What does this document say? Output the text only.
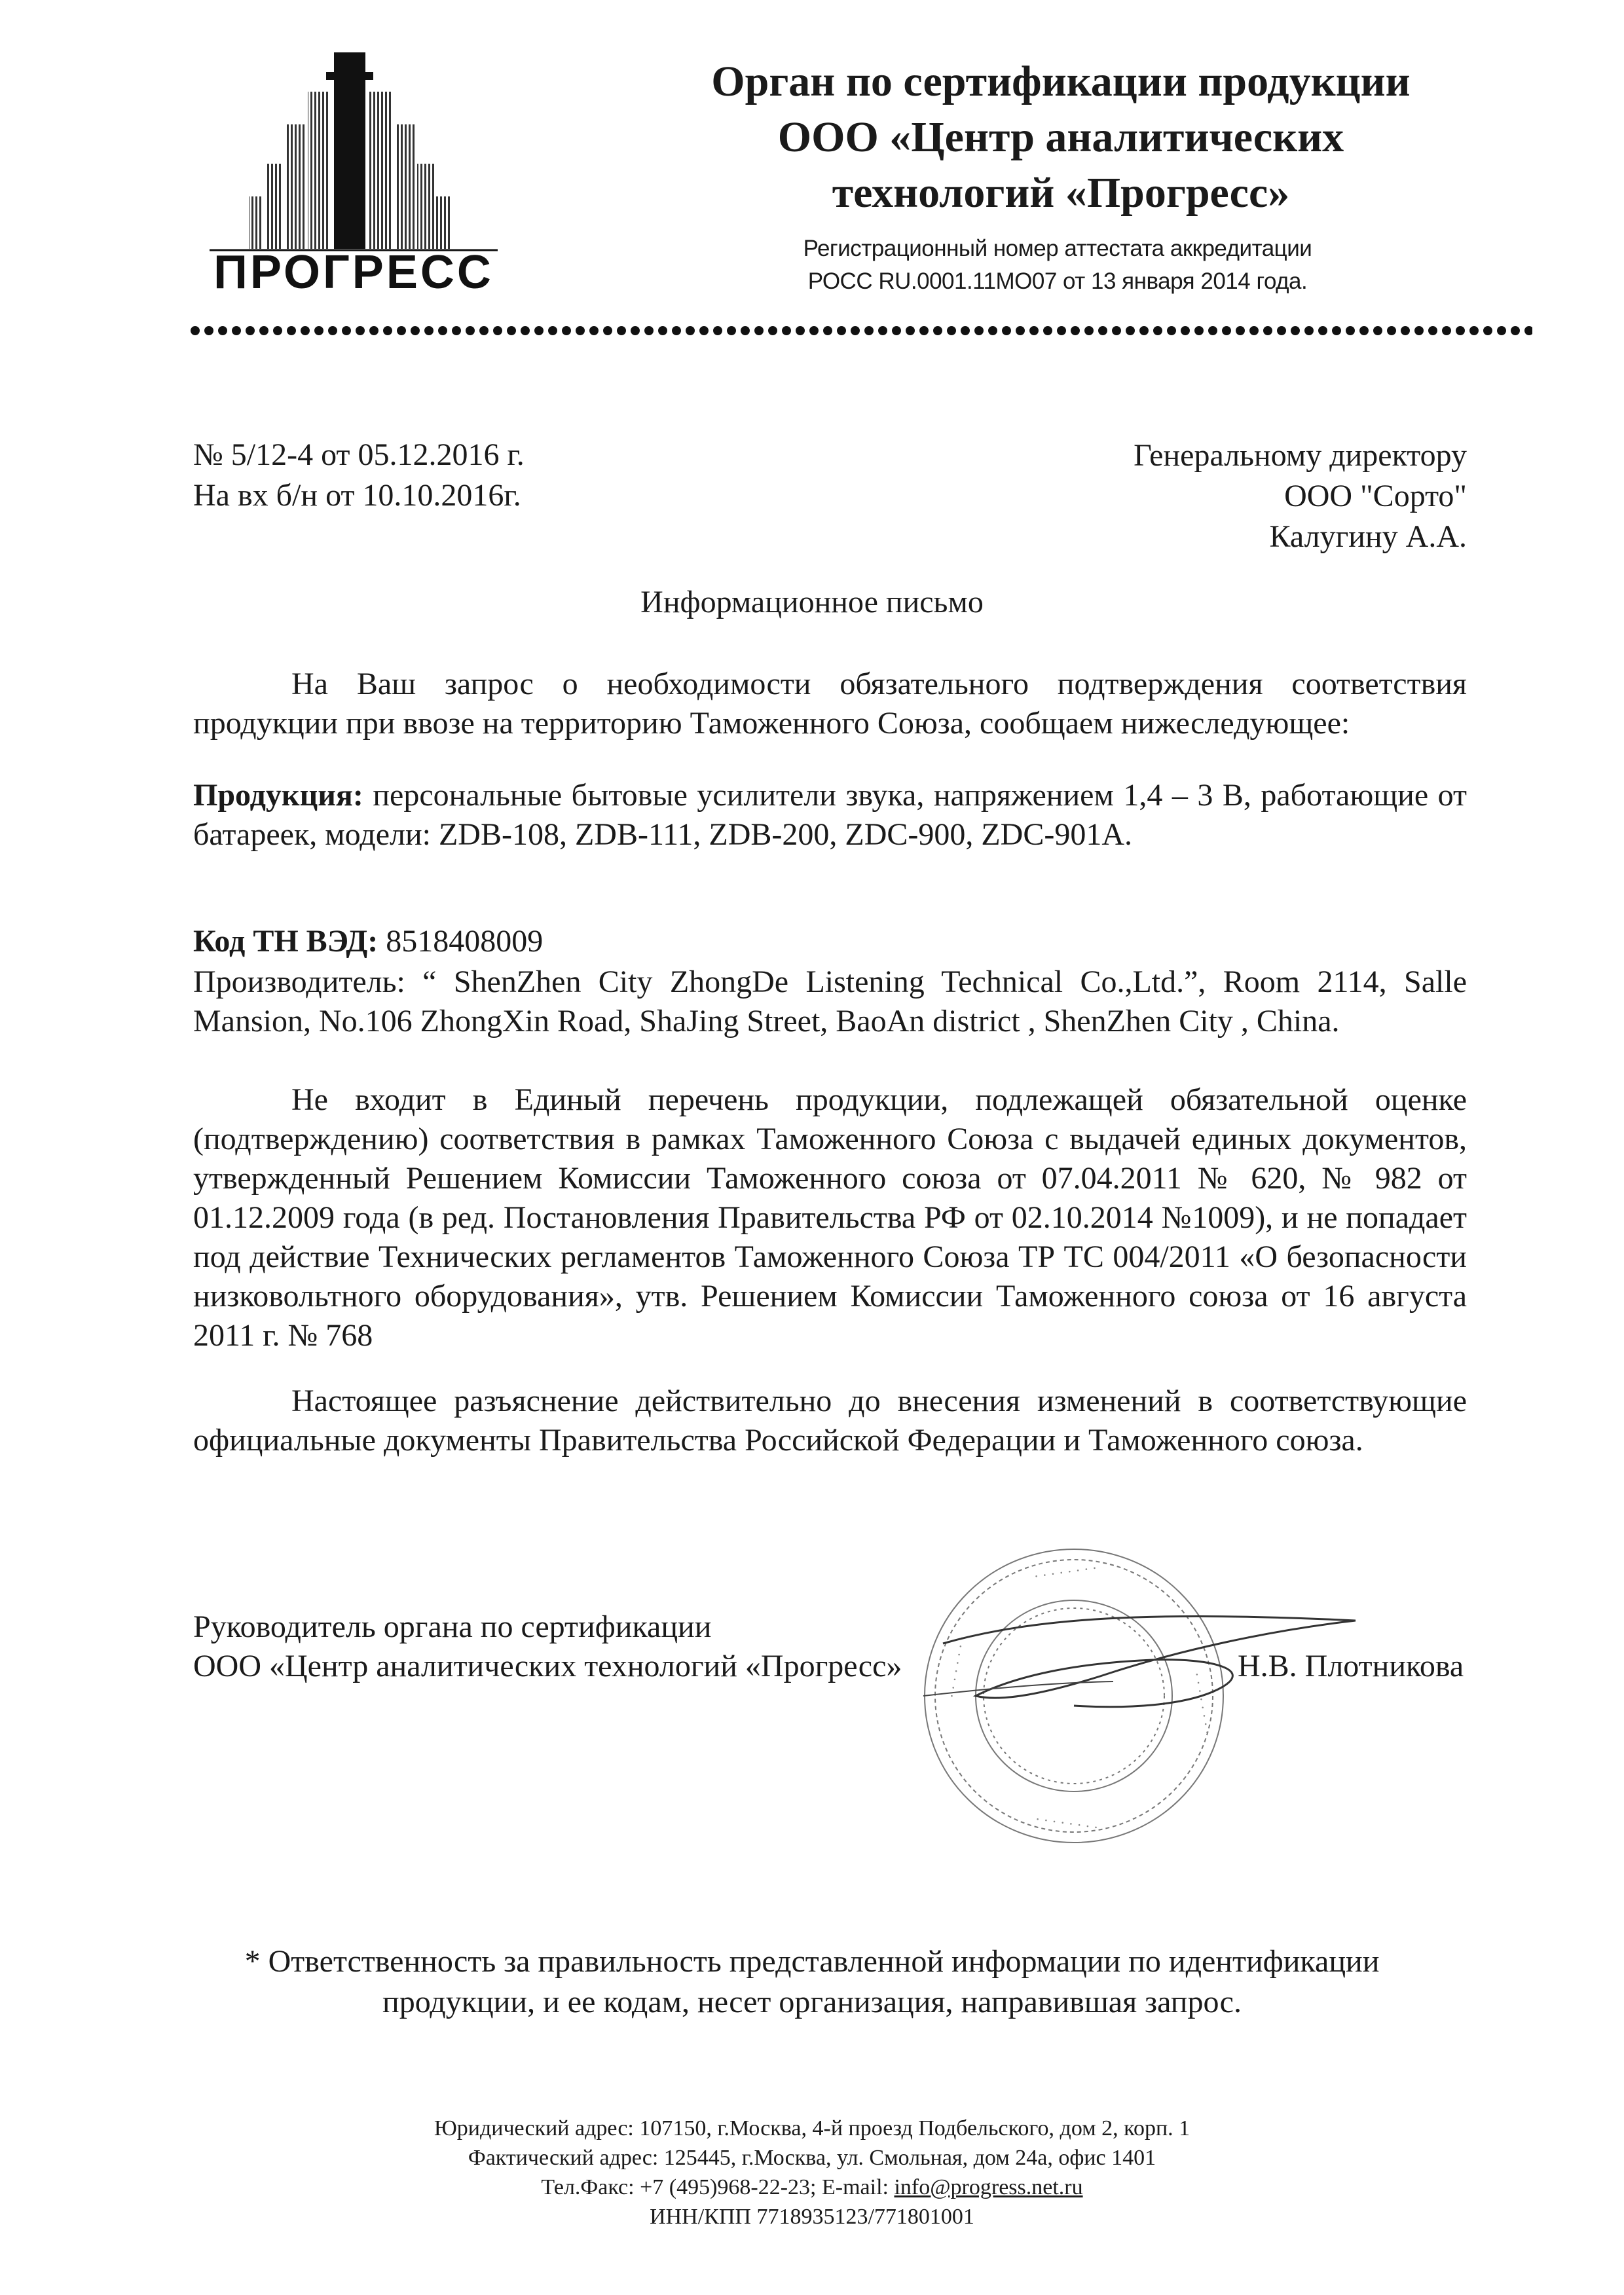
ПРОГРЕСС
Орган по сертификации продукции
ООО «Центр аналитических
технологий «Прогресс»
Регистрационный номер аттестата аккредитации
РОСС RU.0001.11МО07 от 13 января 2014 года.
№ 5/12-4 от 05.12.2016 г.
На вх б/н от 10.10.2016г.
Генеральному директору
ООО "Сорто"
Калугину А.А.
Информационное письмо
На Ваш запрос о необходимости обязательного подтверждения соответствия продукции при ввозе на территорию Таможенного Союза, сообщаем нижеследующее:
Продукция: персональные бытовые усилители звука, напряжением 1,4 – 3 В, работающие от батареек, модели: ZDB-108, ZDB-111, ZDB-200, ZDC-900, ZDC-901A.
Код ТН ВЭД: 8518408009
Производитель: “ ShenZhen City ZhongDe Listening Technical Co.,Ltd.”, Room 2114, Salle Mansion, No.106 ZhongXin Road, ShaJing Street, BaoAn district , ShenZhen City , China.
Не входит в Единый перечень продукции, подлежащей обязательной оценке (подтверждению) соответствия в рамках Таможенного Союза с выдачей единых документов, утвержденный Решением Комиссии Таможенного союза от 07.04.2011 № 620, № 982 от 01.12.2009 года (в ред. Постановления Правительства РФ от 02.10.2014 №1009), и не попадает под действие Технических регламентов Таможенного Союза ТР ТС 004/2011 «О безопасности низковольтного оборудования», утв. Решением Комиссии Таможенного союза от 16 августа 2011 г. № 768
Настоящее разъяснение действительно до внесения изменений в соответствующие официальные документы Правительства Российской Федерации и Таможенного союза.
· · · · · · · ·
· · · · · · · ·
· · · · · · · ·
· · · · · · · ·
Руководитель органа по сертификации
ООО «Центр аналитических технологий «Прогресс»	Н.В. Плотникова
* Ответственность за правильность представленной информации по идентификации
продукции, и ее кодам, несет организация, направившая запрос.
Юридический адрес: 107150, г.Москва, 4-й проезд Подбельского, дом 2, корп. 1
Фактический адрес: 125445, г.Москва, ул. Смольная, дом 24а, офис 1401
Тел.Факс: +7 (495)968-22-23; E-mail: info@progress.net.ru
ИНН/КПП 7718935123/771801001
